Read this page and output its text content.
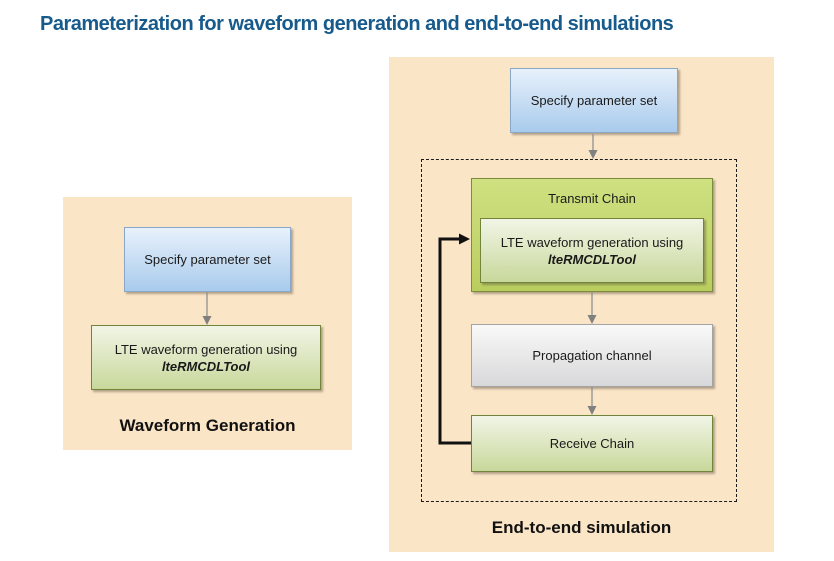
Parameterization for waveform generation and end-to-end simulations
Specify parameter set
LTE waveform generation using
lteRMCDLTool
Waveform Generation
Specify parameter set
Transmit Chain
LTE waveform generation using
lteRMCDLTool
Propagation channel
Receive Chain
End-to-end simulation
